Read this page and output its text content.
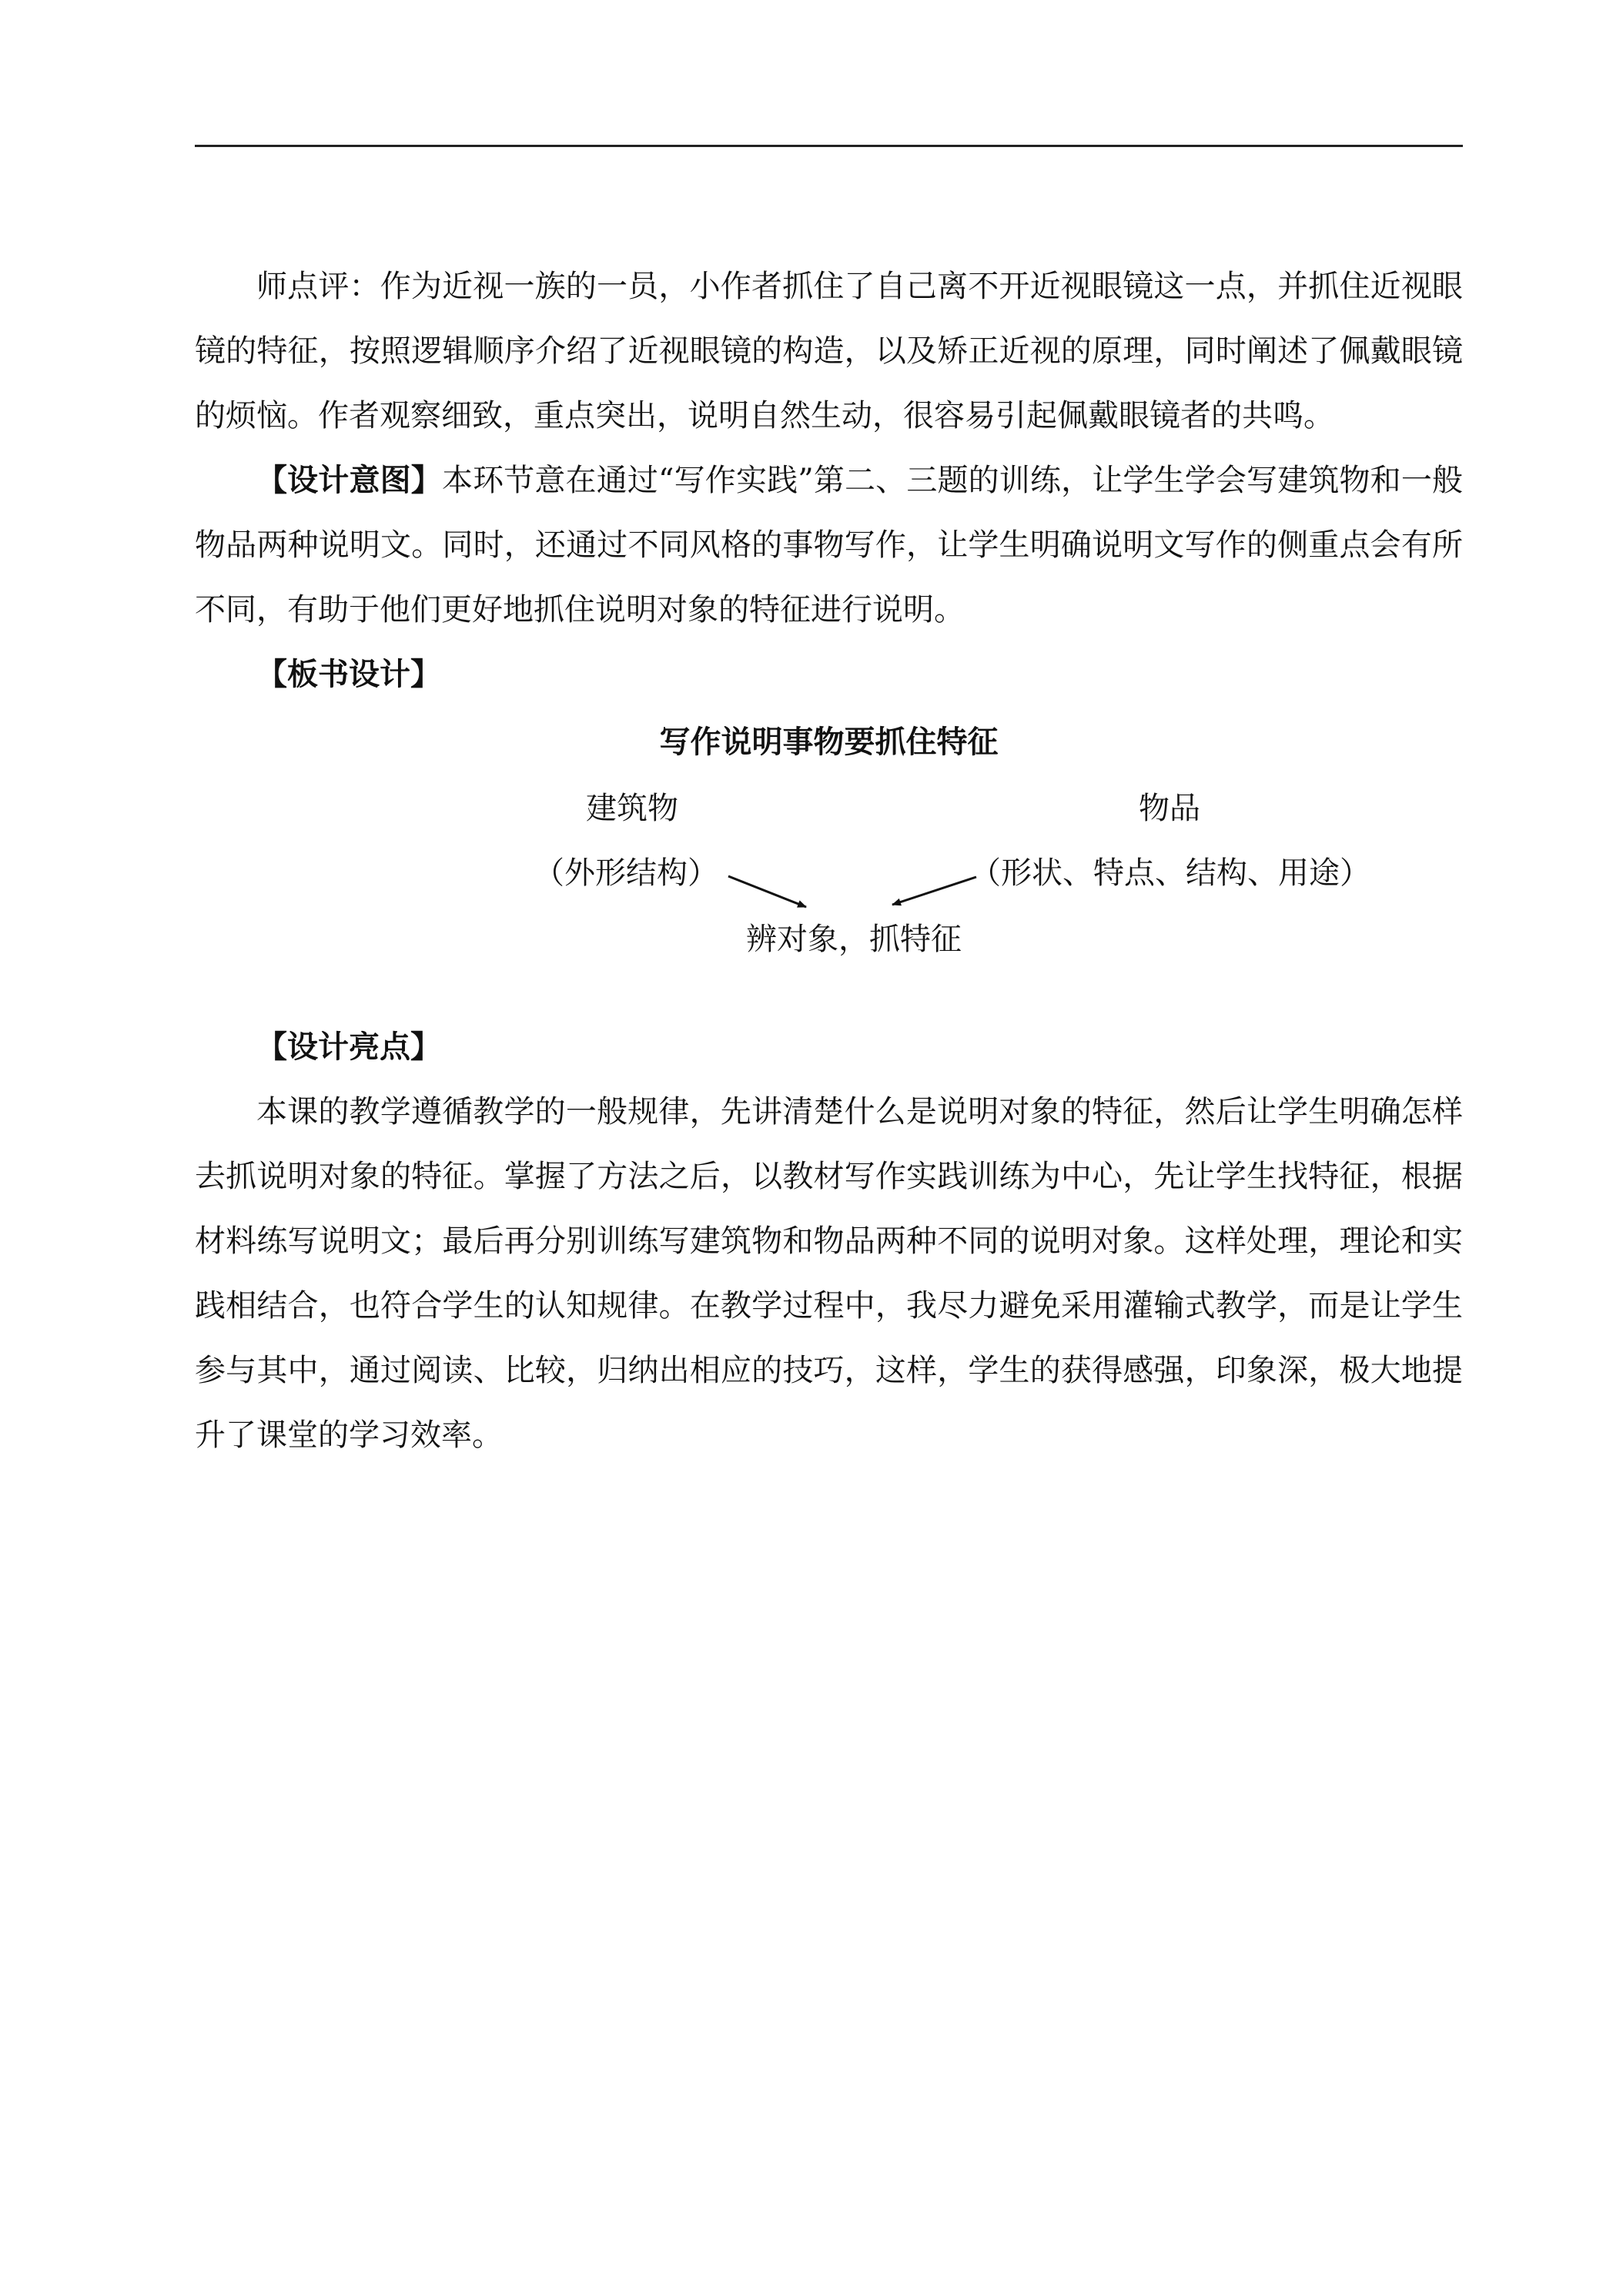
师点评：作为近视一族的一员，小作者抓住了自己离不开近视眼镜这一点，并抓住近视眼镜的特征，按照逻辑顺序介绍了近视眼镜的构造，以及矫正近视的原理，同时阐述了佩戴眼镜的烦恼。作者观察细致，重点突出，说明自然生动，很容易引起佩戴眼镜者的共鸣。

【设计意图】本环节意在通过“写作实践”第二、三题的训练，让学生学会写建筑物和一般物品两种说明文。同时，还通过不同风格的事物写作，让学生明确说明文写作的侧重点会有所不同，有助于他们更好地抓住说明对象的特征进行说明。

【板书设计】

写作说明事物要抓住特征
建筑物
（外形结构）
物品
（形状、特点、结构、用途）
辨对象，抓特征

【设计亮点】

本课的教学遵循教学的一般规律，先讲清楚什么是说明对象的特征，然后让学生明确怎样去抓说明对象的特征。掌握了方法之后，以教材写作实践训练为中心，先让学生找特征，根据材料练写说明文；最后再分别训练写建筑物和物品两种不同的说明对象。这样处理，理论和实践相结合，也符合学生的认知规律。在教学过程中，我尽力避免采用灌输式教学，而是让学生参与其中，通过阅读、比较，归纳出相应的技巧，这样，学生的获得感强，印象深，极大地提升了课堂的学习效率。
